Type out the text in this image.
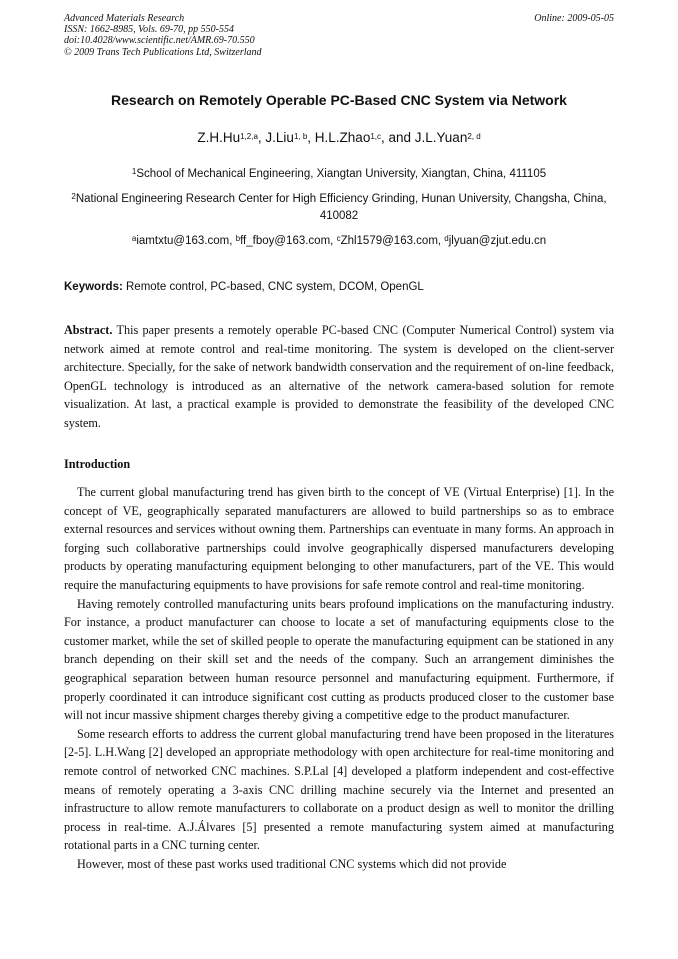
Advanced Materials Research
ISSN: 1662-8985, Vols. 69-70, pp 550-554
doi:10.4028/www.scientific.net/AMR.69-70.550
© 2009 Trans Tech Publications Ltd, Switzerland
Online: 2009-05-05
Research on Remotely Operable PC-Based CNC System via Network
Z.H.Hu$^{1,2,a}$, J.Liu$^{1, b}$, H.L.Zhao$^{1,c}$, and J.L.Yuan$^{2, d}$
$^1$School of Mechanical Engineering, Xiangtan University, Xiangtan, China, 411105
$^2$National Engineering Research Center for High Efficiency Grinding, Hunan University, Changsha, China, 410082
$^a$iamtxtu@163.com, $^b$ff_fboy@163.com, $^c$Zhl1579@163.com, $^d$jlyuan@zjut.edu.cn
Keywords: Remote control, PC-based, CNC system, DCOM, OpenGL
Abstract. This paper presents a remotely operable PC-based CNC (Computer Numerical Control) system via network aimed at remote control and real-time monitoring. The system is developed on the client-server architecture. Specially, for the sake of network bandwidth conservation and the requirement of on-line feedback, OpenGL technology is introduced as an alternative of the network camera-based solution for remote visualization. At last, a practical example is provided to demonstrate the feasibility of the developed CNC system.
Introduction

The current global manufacturing trend has given birth to the concept of VE (Virtual Enterprise) [1]. In the concept of VE, geographically separated manufacturers are allowed to build partnerships so as to embrace external resources and services without owning them. Partnerships can eventuate in many forms. An approach in forging such collaborative partnerships could involve geographically dispersed manufacturers developing products by operating manufacturing equipment belonging to other manufacturers, part of the VE. This would require the manufacturing equipments to have provisions for safe remote control and real-time monitoring.

Having remotely controlled manufacturing units bears profound implications on the manufacturing industry. For instance, a product manufacturer can choose to locate a set of manufacturing equipments close to the customer market, while the set of skilled people to operate the manufacturing equipment can be stationed in any branch depending on their skill set and the needs of the company. Such an arrangement diminishes the geographical separation between human resource personnel and manufacturing equipment. Furthermore, if properly coordinated it can introduce significant cost cutting as products produced closer to the customer base will not incur massive shipment charges thereby giving a competitive edge to the product manufacturer.

Some research efforts to address the current global manufacturing trend have been proposed in the literatures [2-5]. L.H.Wang [2] developed an appropriate methodology with open architecture for real-time monitoring and remote control of networked CNC machines. S.P.Lal [4] developed a platform independent and cost-effective means of remotely operating a 3-axis CNC drilling machine securely via the Internet and presented an infrastructure to allow remote manufacturers to collaborate on a product design as well to monitor the drilling process in real-time. A.J.Álvares [5] presented a remote manufacturing system aimed at manufacturing rotational parts in a CNC turning center.

However, most of these past works used traditional CNC systems which did not provide
